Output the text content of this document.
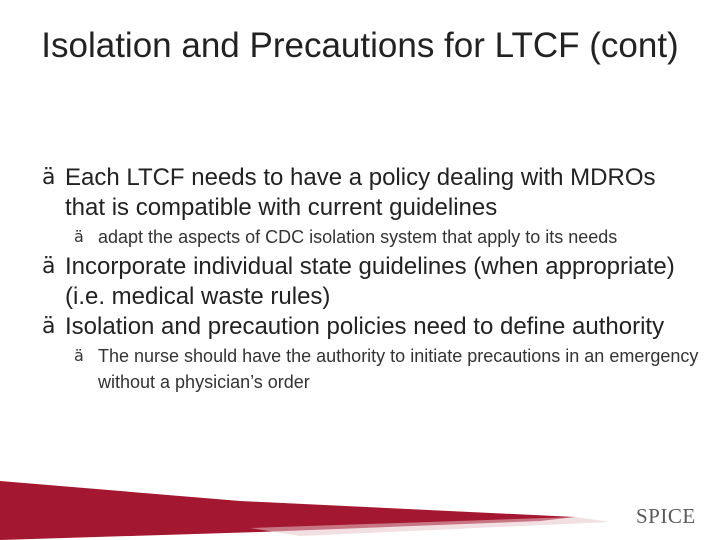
Isolation and Precautions for LTCF (cont)
ä Each LTCF needs to have a policy dealing with MDROs that is compatible with current guidelines
ä adapt the aspects of CDC isolation system that apply to its needs
ä Incorporate individual state guidelines (when appropriate) (i.e. medical waste rules)
ä Isolation and precaution policies need to define authority
ä The nurse should have the authority to initiate precautions in an emergency without a physician’s order
SPICE
